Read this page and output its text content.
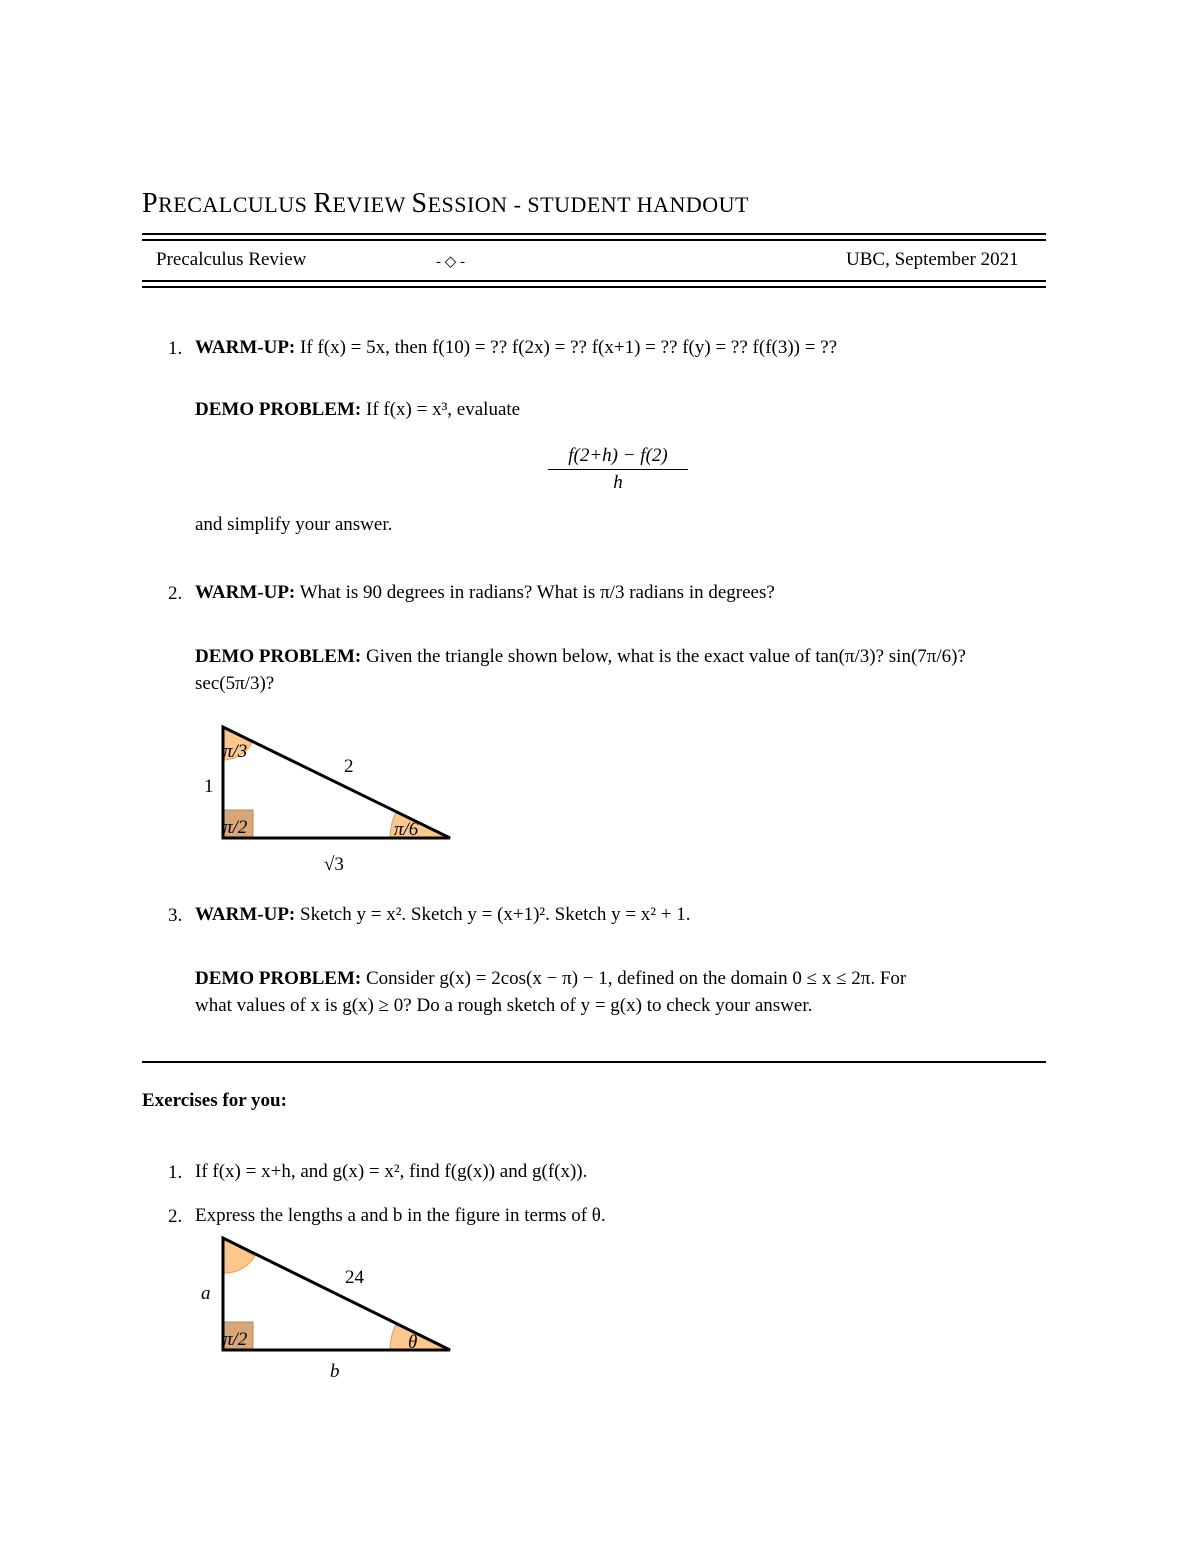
PRECALCULUS REVIEW SESSION - STUDENT HANDOUT
Precalculus Review	- ◇ -	UBC, September 2021
1. WARM-UP: If f(x) = 5x, then f(10) = ?? f(2x) = ?? f(x+1) = ?? f(y) = ?? f(f(3)) = ??
DEMO PROBLEM: If f(x) = x³, evaluate
f(2+h) − f(2)
h
and simplify your answer.
2. WARM-UP: What is 90 degrees in radians? What is π/3 radians in degrees?
DEMO PROBLEM: Given the triangle shown below, what is the exact value of tan(π/3)? sin(7π/6)?
sec(5π/3)?
π/3
π/2	π/6
1
2
√3
3. WARM-UP: Sketch y = x². Sketch y = (x+1)². Sketch y = x² + 1.
DEMO PROBLEM: Consider g(x) = 2cos(x − π) − 1, defined on the domain 0 ≤ x ≤ 2π. For
what values of x is g(x) ≥ 0? Do a rough sketch of y = g(x) to check your answer.
Exercises for you:
1. If f(x) = x+h, and g(x) = x², find f(g(x)) and g(f(x)).
2. Express the lengths a and b in the figure in terms of θ.
π/2	θ
a
24
b
